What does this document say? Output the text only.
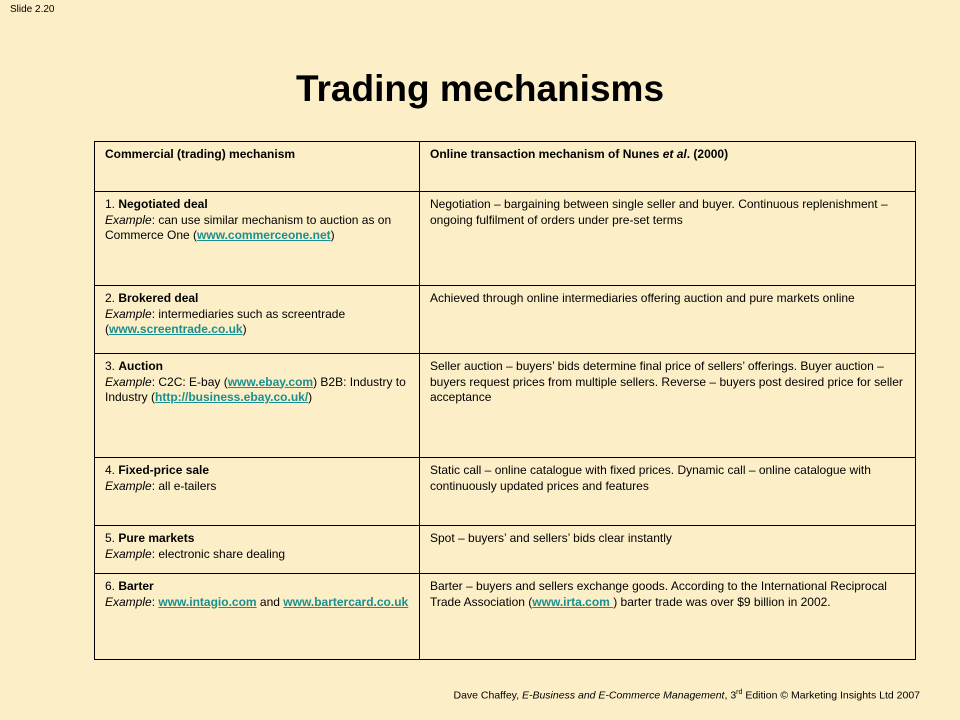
Slide 2.20
Trading mechanisms
Commercial (trading) mechanism	Online transaction mechanism of Nunes et al. (2000)
1. Negotiated deal
Example: can use similar mechanism to auction as on Commerce One (www.commerceone.net)	Negotiation – bargaining between single seller and buyer. Continuous replenishment – ongoing fulfilment of orders under pre-set terms
2. Brokered deal
Example: intermediaries such as screentrade (www.screentrade.co.uk)	Achieved through online intermediaries offering auction and pure markets online
3. Auction
Example: C2C: E-bay (www.ebay.com) B2B: Industry to Industry (http://business.ebay.co.uk/)	Seller auction – buyers’ bids determine final price of sellers’ offerings. Buyer auction – buyers request prices from multiple sellers. Reverse – buyers post desired price for seller acceptance
4. Fixed-price sale
Example: all e-tailers	Static call – online catalogue with fixed prices. Dynamic call – online catalogue with continuously updated prices and features
5. Pure markets
Example: electronic share dealing	Spot – buyers’ and sellers’ bids clear instantly
6. Barter
Example: www.intagio.com and www.bartercard.co.uk	Barter – buyers and sellers exchange goods. According to the International Reciprocal Trade Association (www.irta.com ) barter trade was over $9 billion in 2002.
Dave Chaffey, E-Business and E-Commerce Management, 3rd Edition © Marketing Insights Ltd 2007
